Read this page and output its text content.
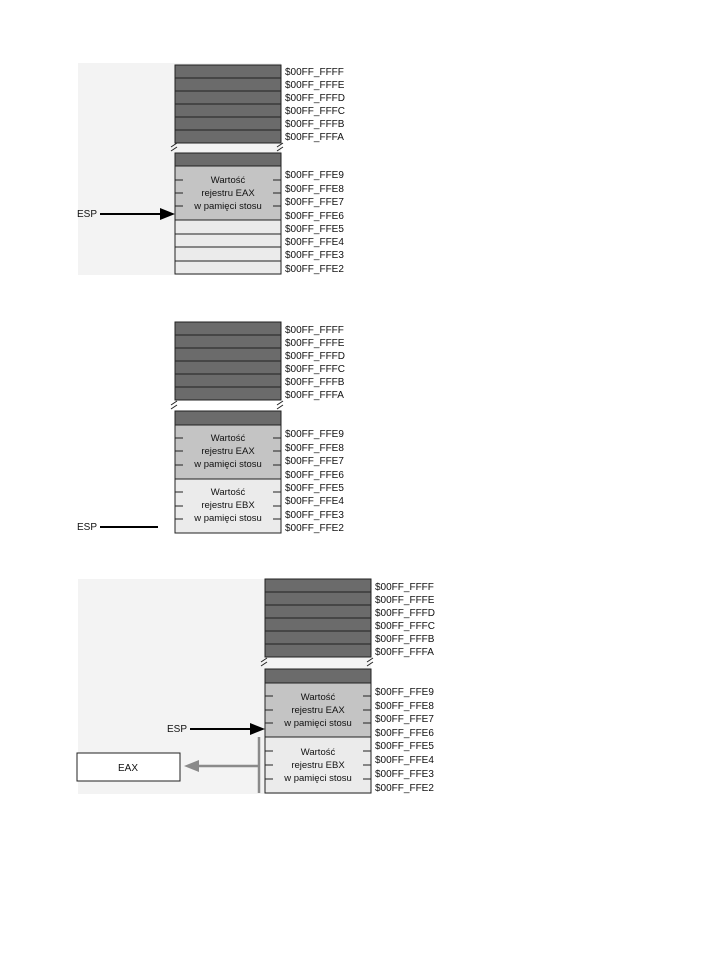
Wartość
rejestru EAX
w pamięci stosu
ESP
$00FF_FFFF
$00FF_FFFE
$00FF_FFFD
$00FF_FFFC
$00FF_FFFB
$00FF_FFFA
$00FF_FFE9
$00FF_FFE8
$00FF_FFE7
$00FF_FFE6
$00FF_FFE5
$00FF_FFE4
$00FF_FFE3
$00FF_FFE2
Wartość
rejestru EAX
w pamięci stosu
Wartość
rejestru EBX
w pamięci stosu
ESP
$00FF_FFFF
$00FF_FFFE
$00FF_FFFD
$00FF_FFFC
$00FF_FFFB
$00FF_FFFA
$00FF_FFE9
$00FF_FFE8
$00FF_FFE7
$00FF_FFE6
$00FF_FFE5
$00FF_FFE4
$00FF_FFE3
$00FF_FFE2
Wartość
rejestru EAX
w pamięci stosu
Wartość
rejestru EBX
w pamięci stosu
ESP
EAX
$00FF_FFFF
$00FF_FFFE
$00FF_FFFD
$00FF_FFFC
$00FF_FFFB
$00FF_FFFA
$00FF_FFE9
$00FF_FFE8
$00FF_FFE7
$00FF_FFE6
$00FF_FFE5
$00FF_FFE4
$00FF_FFE3
$00FF_FFE2
